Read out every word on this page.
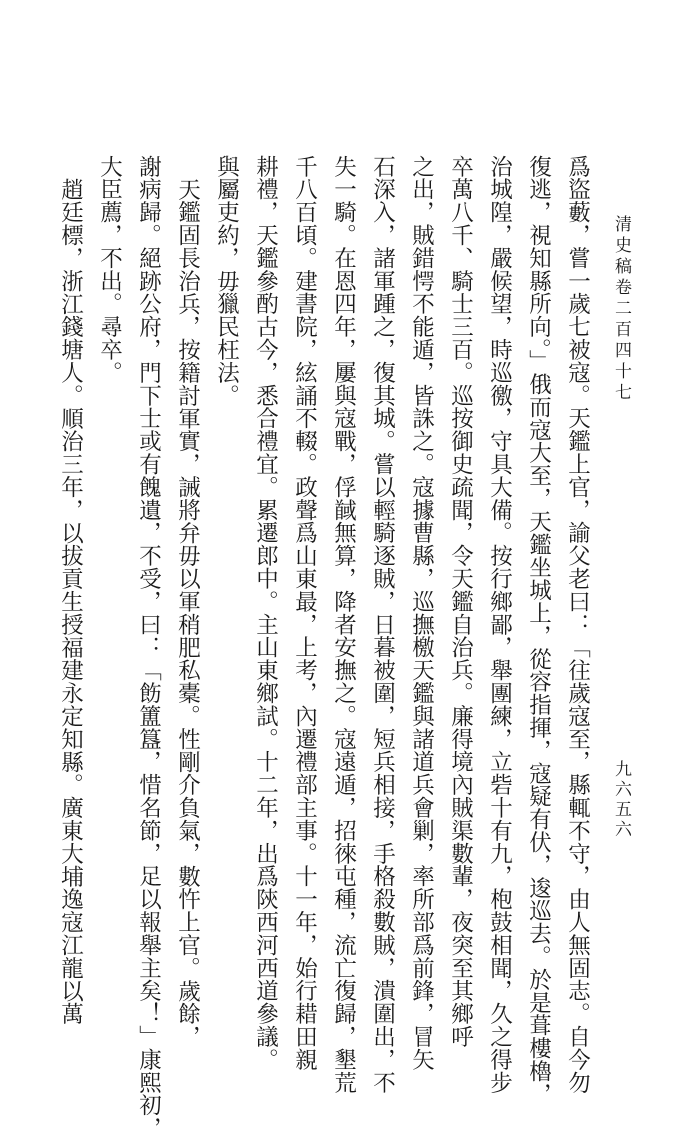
清史稿卷二百四十七
九六五六
爲盜藪，嘗一歲七被寇。天鑑上官，諭父老曰：「往歲寇至，縣輒不守，由人無固志。自今勿
復逃，視知縣所向。」俄而寇大至，天鑑坐城上，從容指揮，寇疑有伏，逡巡去。於是葺樓櫓，
治城隍，嚴候望，時巡徼，守具大備。按行鄉鄙，舉團練，立砦十有九，枹鼓相聞，久之得步
卒萬八千、騎士三百。巡按御史疏聞，令天鑑自治兵。廉得境內賊渠數輩，夜突至其鄉呼
之出，賊錯愕不能遁，皆誅之。寇據曹縣，巡撫檄天鑑與諸道兵會剿，率所部爲前鋒，冒矢
石深入，諸軍踵之，復其城。嘗以輕騎逐賊，日暮被圍，短兵相接，手格殺數賊，潰圍出，不
失一騎。在恩四年，屢與寇戰，俘馘無算，降者安撫之。寇遠遁，招徠屯種，流亡復歸，墾荒
千八百頃。建書院，絃誦不輟。政聲爲山東最，上考，內遷禮部主事。十一年，始行耤田親
耕禮，天鑑參酌古今，悉合禮宜。累遷郎中。主山東鄉試。十二年，出爲陝西河西道參議。
與屬吏約，毋獵民枉法。
天鑑固長治兵，按籍討軍實，誡將弁毋以軍稍肥私橐。性剛介負氣，數忤上官。歲餘，
謝病歸。絕跡公府，門下士或有餽遺，不受，曰：「飭簠簋，惜名節，足以報舉主矣！」康熙初，
大臣薦，不出。尋卒。
趙廷標，浙江錢塘人。順治三年，以拔貢生授福建永定知縣。廣東大埔逸寇江龍以萬
